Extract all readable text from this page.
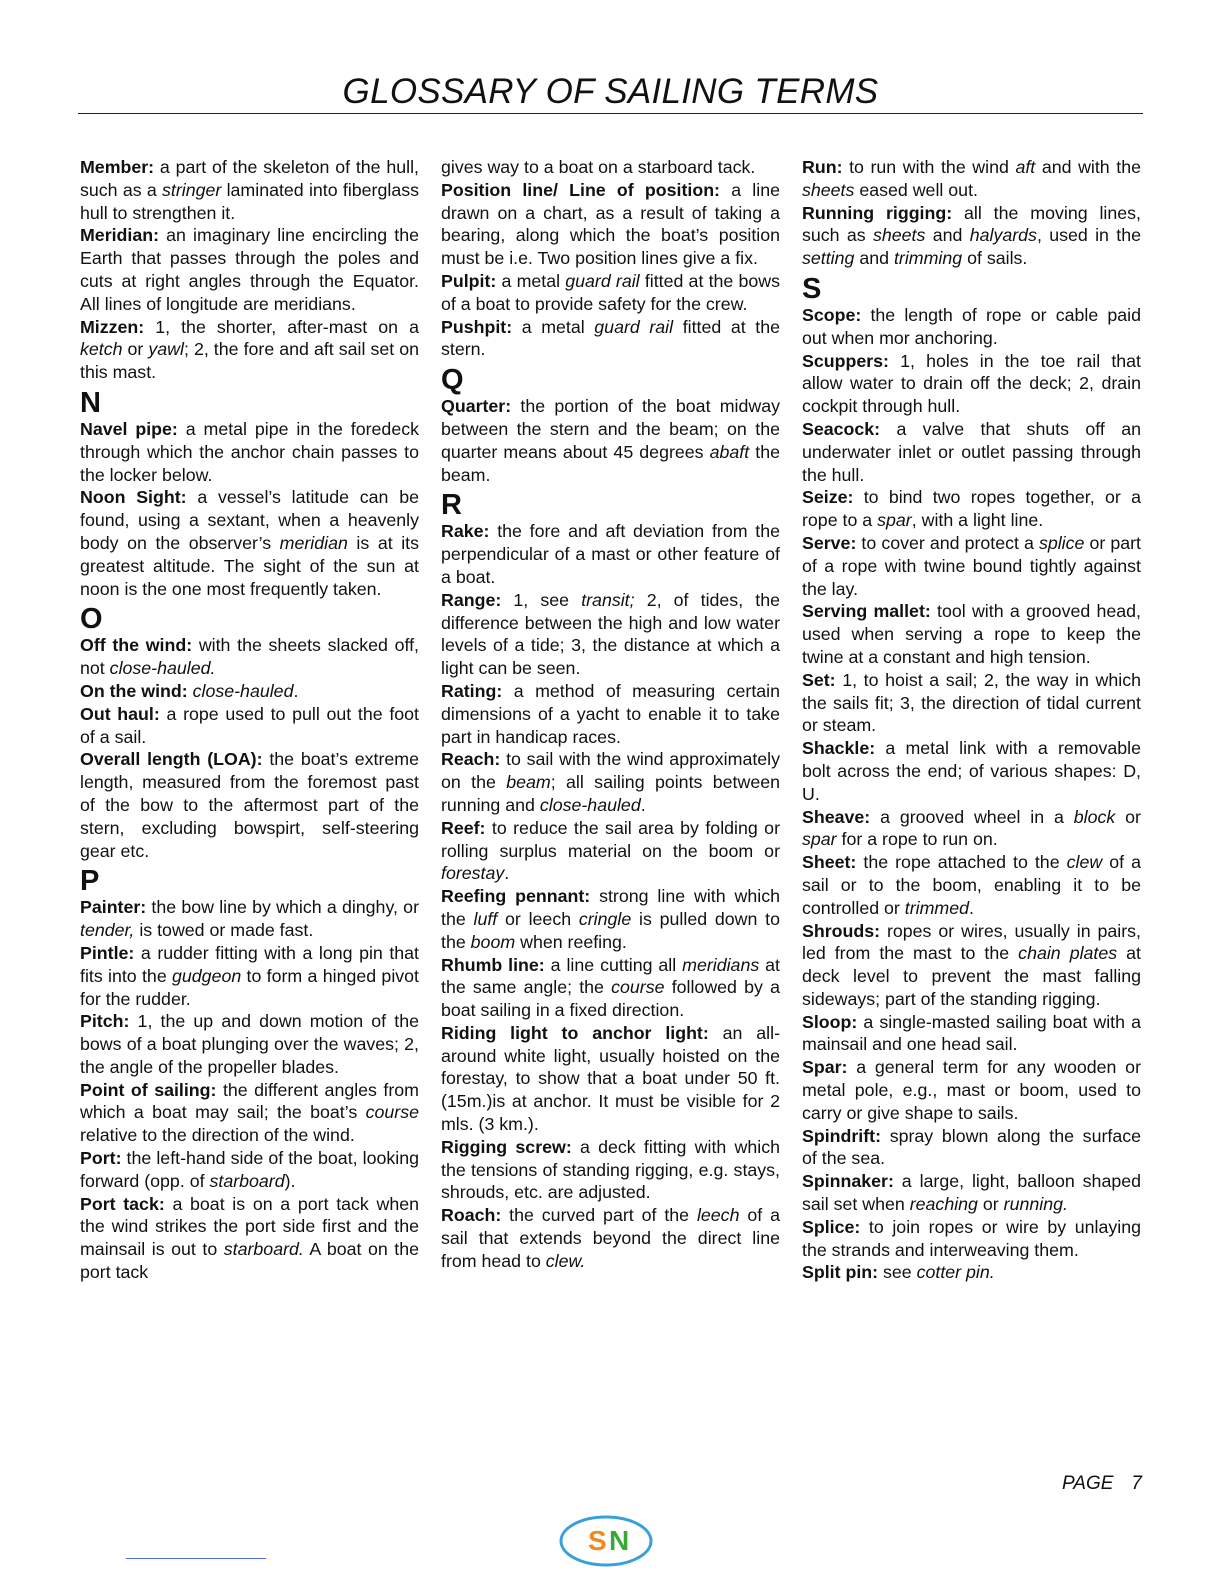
GLOSSARY OF SAILING TERMS

Member: a part of the skeleton of the hull, such as a stringer laminated into fiberglass hull to strengthen it.

Meridian: an imaginary line encircling the Earth that passes through the poles and cuts at right angles through the Equator. All lines of longitude are meridians.

Mizzen: 1, the shorter, after-mast on a ketch or yawl; 2, the fore and aft sail set on this mast.

N

Navel pipe: a metal pipe in the foredeck through which the anchor chain passes to the locker below.

Noon Sight: a vessel’s latitude can be found, using a sextant, when a heavenly body on the observer’s meridian is at its greatest altitude. The sight of the sun at noon is the one most frequently taken.

O

Off the wind: with the sheets slacked off, not close-hauled.

On the wind: close-hauled.

Out haul: a rope used to pull out the foot of a sail.

Overall length (LOA): the boat’s extreme length, measured from the foremost past of the bow to the aftermost part of the stern, excluding bowspirt, self-steering gear etc.

P

Painter: the bow line by which a dinghy, or tender, is towed or made fast.

Pintle: a rudder fitting with a long pin that fits into the gudgeon to form a hinged pivot for the rudder.

Pitch: 1, the up and down motion of the bows of a boat plunging over the waves; 2, the angle of the propeller blades.

Point of sailing: the different angles from which a boat may sail; the boat’s course relative to the direction of the wind.

Port: the left-hand side of the boat, looking forward (opp. of starboard).

Port tack: a boat is on a port tack when the wind strikes the port side first and the mainsail is out to starboard. A boat on the port tack

gives way to a boat on a starboard tack.

Position line/ Line of position: a line drawn on a chart, as a result of taking a bearing, along which the boat’s position must be i.e. Two position lines give a fix.

Pulpit: a metal guard rail fitted at the bows of a boat to provide safety for the crew.

Pushpit: a metal guard rail fitted at the stern.

Q

Quarter: the portion of the boat midway between the stern and the beam; on the quarter means about 45 degrees abaft the beam.

R

Rake: the fore and aft deviation from the perpendicular of a mast or other feature of a boat.

Range: 1, see transit; 2, of tides, the difference between the high and low water levels of a tide; 3, the distance at which a light can be seen.

Rating: a method of measuring certain dimensions of a yacht to enable it to take part in handicap races.

Reach: to sail with the wind approximately on the beam; all sailing points between running and close-hauled.

Reef: to reduce the sail area by folding or rolling surplus material on the boom or forestay.

Reefing pennant: strong line with which the luff or leech cringle is pulled down to the boom when reefing.

Rhumb line: a line cutting all meridians at the same angle; the course followed by a boat sailing in a fixed direction.

Riding light to anchor light: an all-around white light, usually hoisted on the forestay, to show that a boat under 50 ft. (15m.)is at anchor. It must be visible for 2 mls. (3 km.).

Rigging screw: a deck fitting with which the tensions of standing rigging, e.g. stays, shrouds, etc. are adjusted.

Roach: the curved part of the leech of a sail that extends beyond the direct line from head to clew.

Run: to run with the wind aft and with the sheets eased well out.

Running rigging: all the moving lines, such as sheets and halyards, used in the setting and trimming of sails.

S

Scope: the length of rope or cable paid out when mor anchoring.

Scuppers: 1, holes in the toe rail that allow water to drain off the deck; 2, drain cockpit through hull.

Seacock: a valve that shuts off an underwater inlet or outlet passing through the hull.

Seize: to bind two ropes together, or a rope to a spar, with a light line.

Serve: to cover and protect a splice or part of a rope with twine bound tightly against the lay.

Serving mallet: tool with a grooved head, used when serving a rope to keep the twine at a constant and high tension.

Set: 1, to hoist a sail; 2, the way in which the sails fit; 3, the direction of tidal current or steam.

Shackle: a metal link with a removable bolt across the end; of various shapes: D, U.

Sheave: a grooved wheel in a block or spar for a rope to run on.

Sheet: the rope attached to the clew of a sail or to the boom, enabling it to be controlled or trimmed.

Shrouds: ropes or wires, usually in pairs, led from the mast to the chain plates at deck level to prevent the mast falling sideways; part of the standing rigging.

Sloop: a single-masted sailing boat with a mainsail and one head sail.

Spar: a general term for any wooden or metal pole, e.g., mast or boom, used to carry or give shape to sails.

Spindrift: spray blown along the surface of the sea.

Spinnaker: a large, light, balloon shaped sail set when reaching or running.

Splice: to join ropes or wire by unlaying the strands and interweaving them.

Split pin: see cotter pin.

PAGE 7
S N
